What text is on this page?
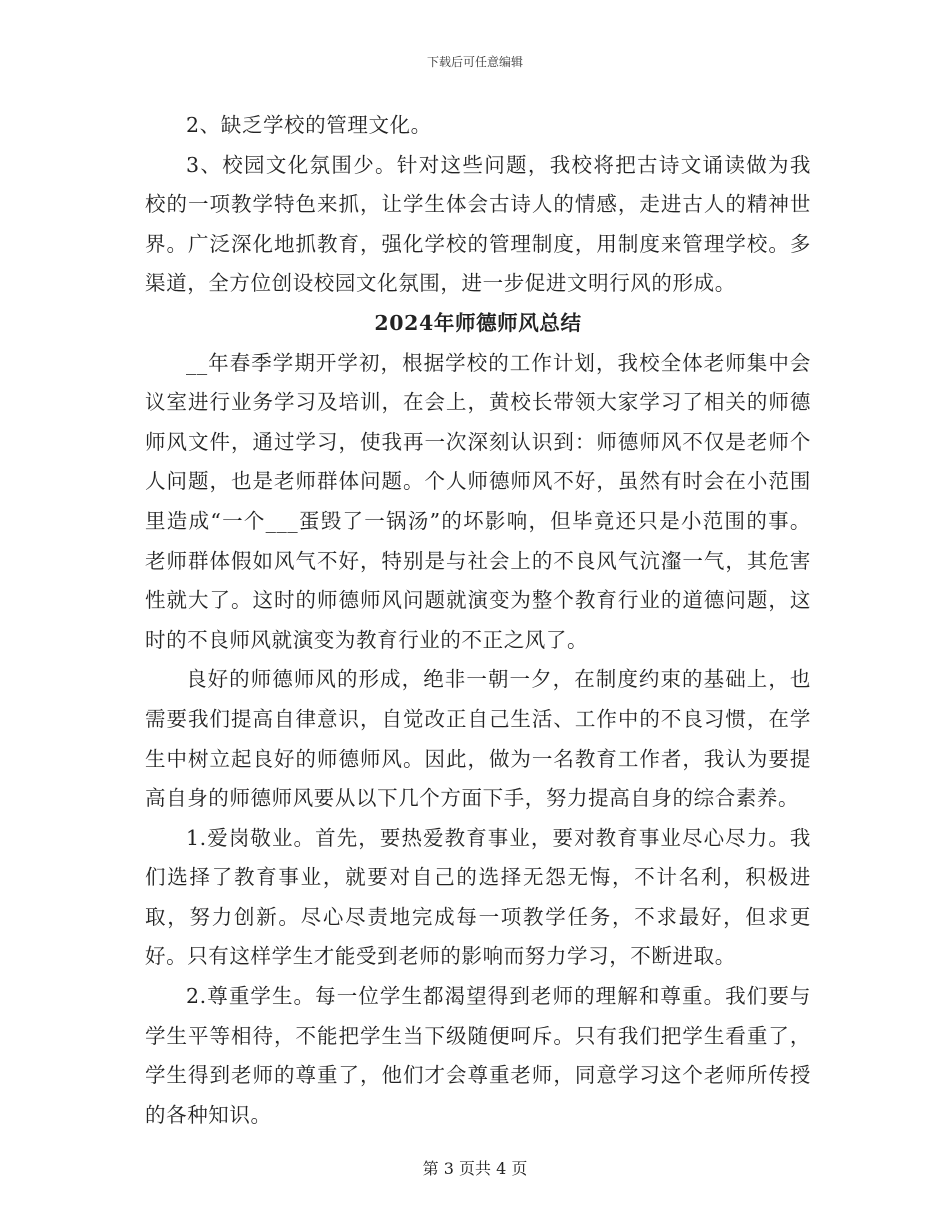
下载后可任意编辑

2、缺乏学校的管理文化。

3、校园文化氛围少。针对这些问题，我校将把古诗文诵读做为我校的一项教学特色来抓，让学生体会古诗人的情感，走进古人的精神世界。广泛深化地抓教育，强化学校的管理制度，用制度来管理学校。多渠道，全方位创设校园文化氛围，进一步促进文明行风的形成。

2024年师德师风总结

__年春季学期开学初，根据学校的工作计划，我校全体老师集中会议室进行业务学习及培训，在会上，黄校长带领大家学习了相关的师德师风文件，通过学习，使我再一次深刻认识到：师德师风不仅是老师个人问题，也是老师群体问题。个人师德师风不好，虽然有时会在小范围里造成“一个___蛋毁了一锅汤”的坏影响，但毕竟还只是小范围的事。老师群体假如风气不好，特别是与社会上的不良风气沆瀣一气，其危害性就大了。这时的师德师风问题就演变为整个教育行业的道德问题，这时的不良师风就演变为教育行业的不正之风了。

良好的师德师风的形成，绝非一朝一夕，在制度约束的基础上，也需要我们提高自律意识，自觉改正自己生活、工作中的不良习惯，在学生中树立起良好的师德师风。因此，做为一名教育工作者，我认为要提高自身的师德师风要从以下几个方面下手，努力提高自身的综合素养。

1.爱岗敬业。首先，要热爱教育事业，要对教育事业尽心尽力。我们选择了教育事业，就要对自己的选择无怨无悔，不计名利，积极进取，努力创新。尽心尽责地完成每一项教学任务，不求最好，但求更好。只有这样学生才能受到老师的影响而努力学习，不断进取。

2.尊重学生。每一位学生都渴望得到老师的理解和尊重。我们要与学生平等相待，不能把学生当下级随便呵斥。只有我们把学生看重了，学生得到老师的尊重了，他们才会尊重老师，同意学习这个老师所传授的各种知识。

第 3 页共 4 页
